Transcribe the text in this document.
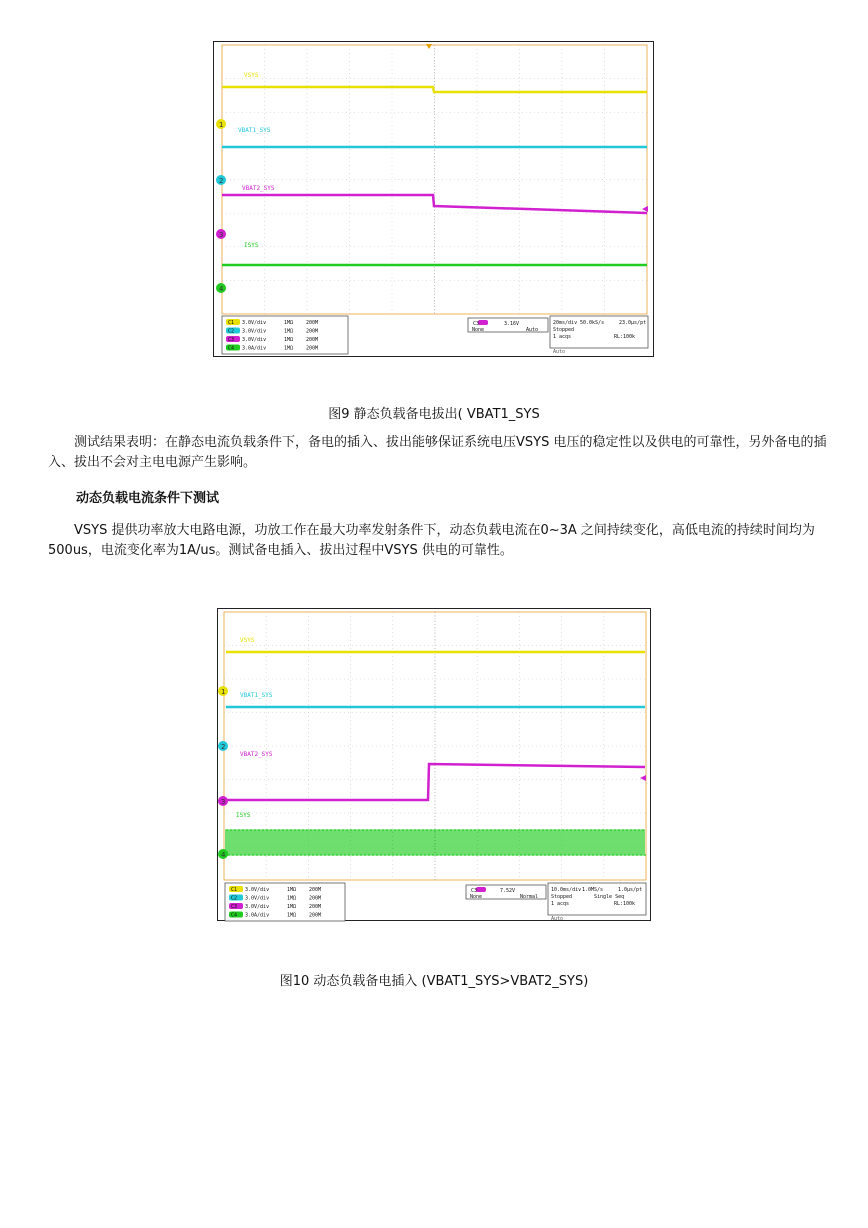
VSYS
VBAT1_SYS
VBAT2_SYS
ISYS
1
2
3
4
C1 3.0V/div	1MΩ	200M
C2 3.0V/div	1MΩ	200M
C3 3.0V/div	1MΩ	200M
C4 3.0A/div	1MΩ	200M
C3	3.16V
None	Auto
20ms/div 50.0kS/s	23.0µs/pt
Stopped
1 acqs	RL:100k
Auto
图9 静态负载备电拔出( VBAT1_SYS
测试结果表明：在静态电流负载条件下，备电的插入、拔出能够保证系统电压VSYS 电压的稳定性以及供电的可靠性，另外备电的插入、拔出不会对主电电源产生影响。
动态负载电流条件下测试
VSYS 提供功率放大电路电源，功放工作在最大功率发射条件下，动态负载电流在0~3A 之间持续变化，高低电流的持续时间均为500us，电流变化率为1A/us。测试备电插入、拔出过程中VSYS 供电的可靠性。
VSYS
VBAT1_SYS
VBAT2_SYS
ISYS
1
2
3
4
C1 3.0V/div	1MΩ	200M
C2 3.0V/div	1MΩ	200M
C3 3.0V/div	1MΩ	200M
C4 3.0A/div	1MΩ	200M
C3	7.52V
None	Normal
10.0ms/div 1.0MS/s	1.0µs/pt
Stopped	Single Seq
1 acqs	RL:100k
Auto
图10 动态负载备电插入 (VBAT1_SYS>VBAT2_SYS)
